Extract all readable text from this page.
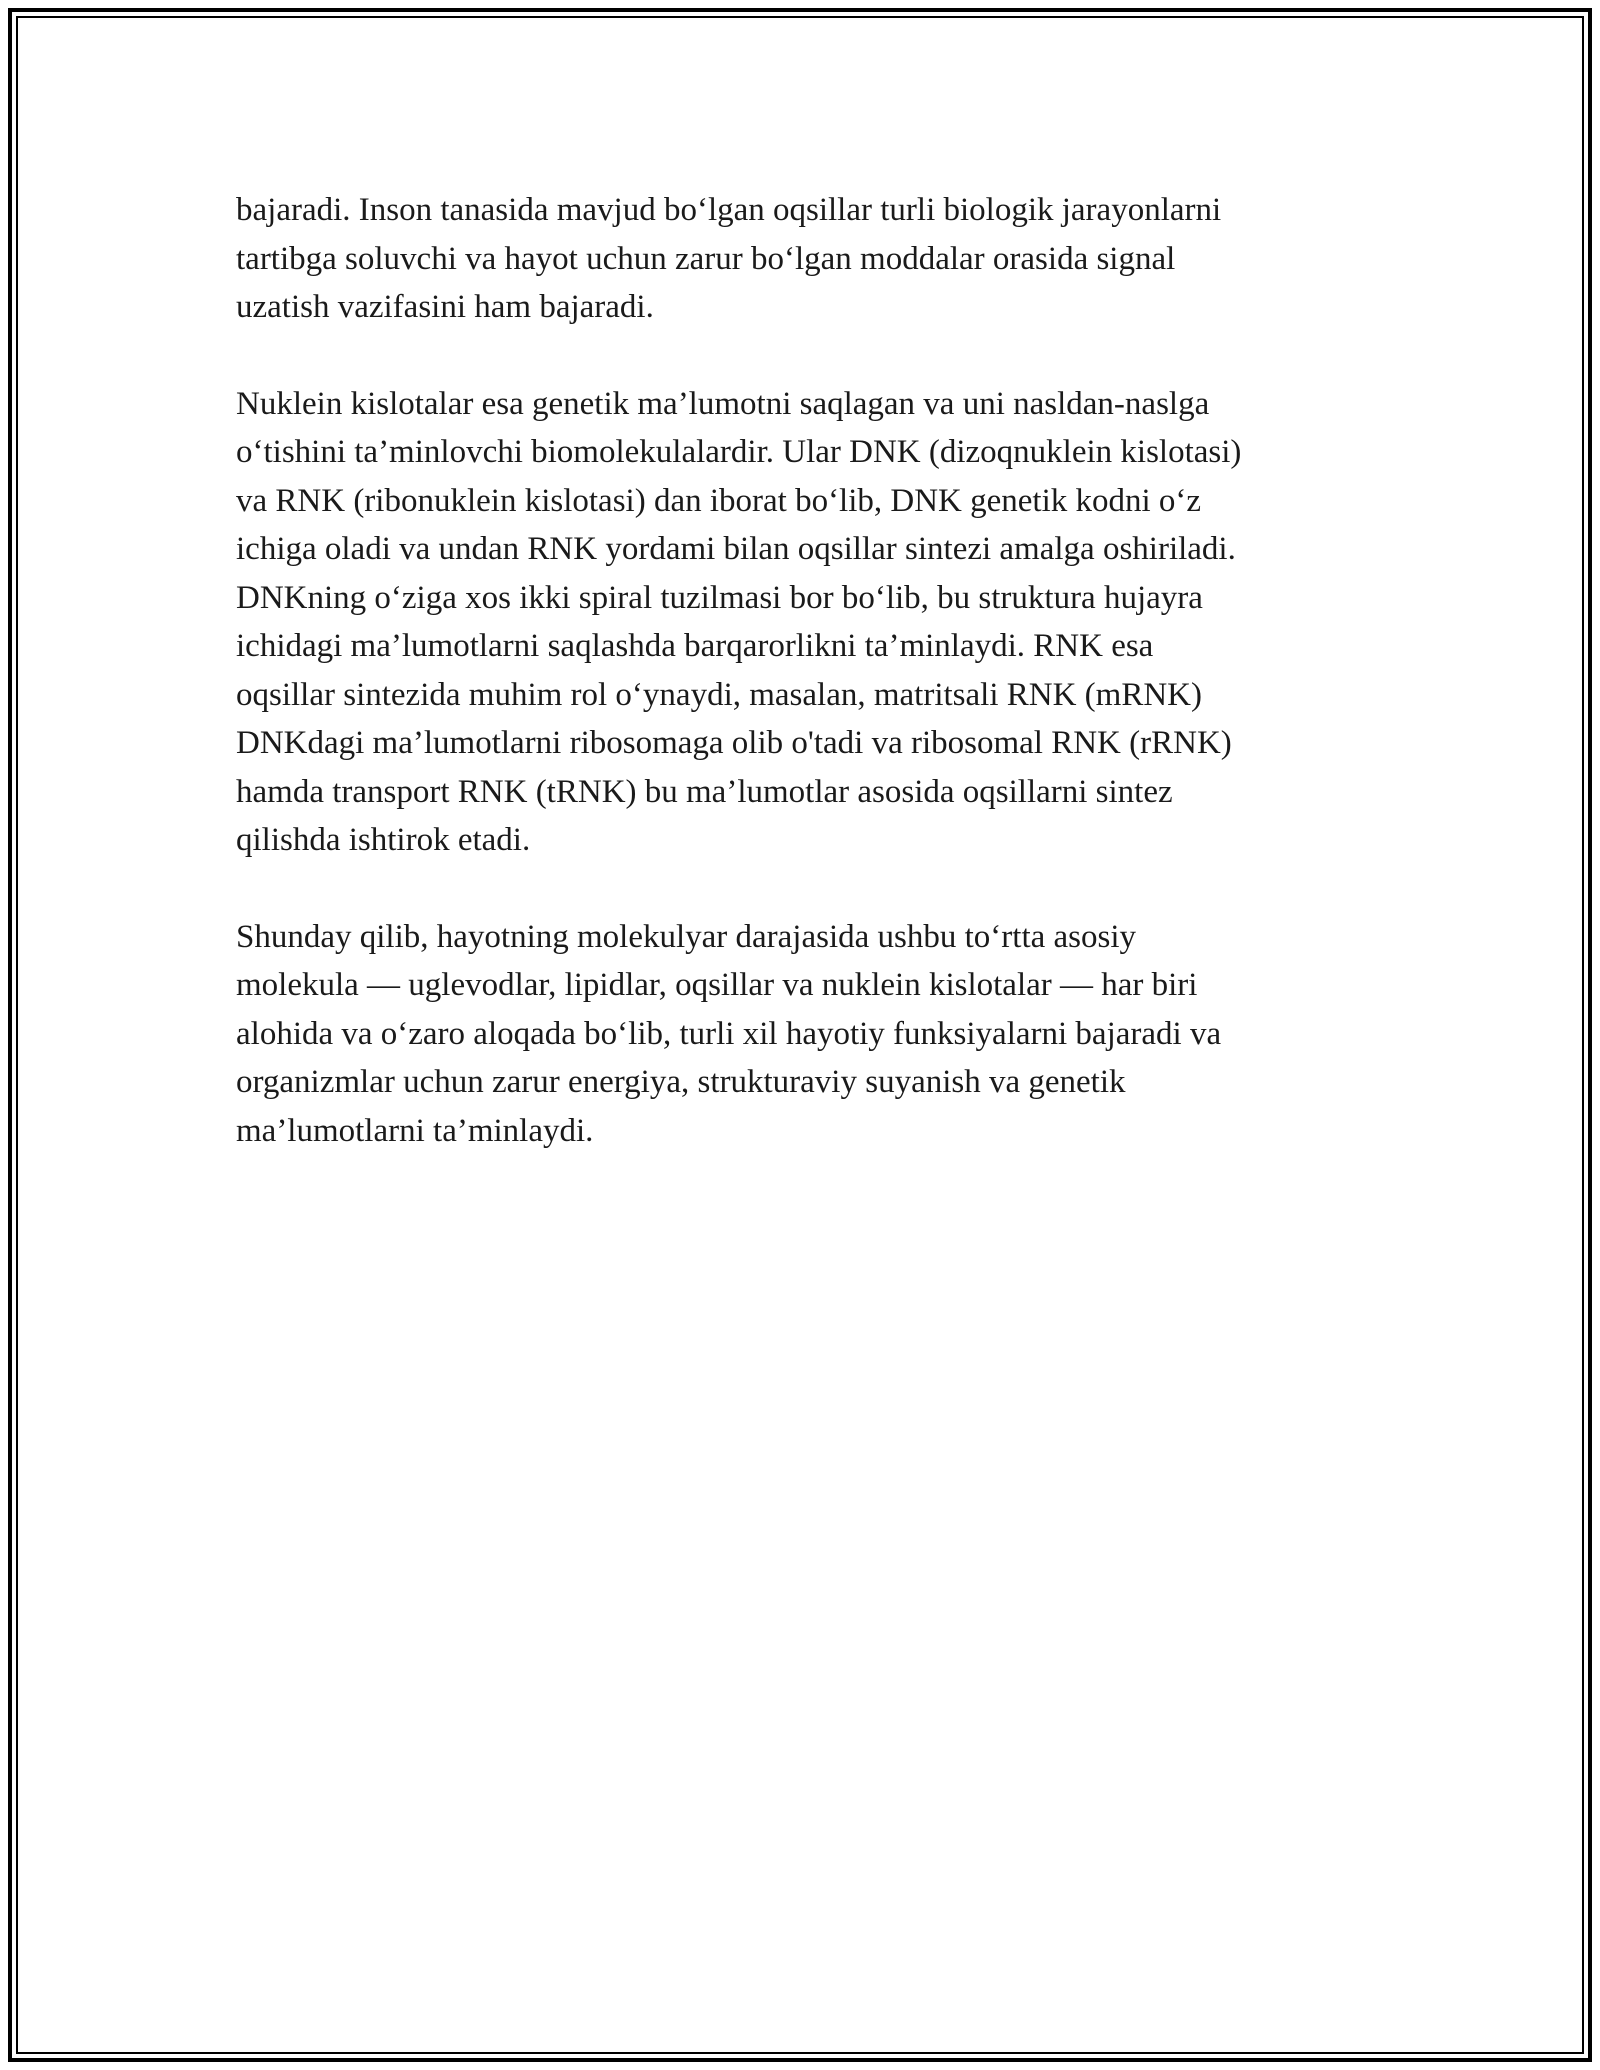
bajaradi. Inson tanasida mavjud bo‘lgan oqsillar turli biologik jarayonlarni
tartibga soluvchi va hayot uchun zarur bo‘lgan moddalar orasida signal
uzatish vazifasini ham bajaradi.

Nuklein kislotalar esa genetik ma’lumotni saqlagan va uni nasldan-naslga
o‘tishini ta’minlovchi biomolekulalardir. Ular DNK (dizoqnuklein kislotasi)
va RNK (ribonuklein kislotasi) dan iborat bo‘lib, DNK genetik kodni o‘z
ichiga oladi va undan RNK yordami bilan oqsillar sintezi amalga oshiriladi.
DNKning o‘ziga xos ikki spiral tuzilmasi bor bo‘lib, bu struktura hujayra
ichidagi ma’lumotlarni saqlashda barqarorlikni ta’minlaydi. RNK esa
oqsillar sintezida muhim rol o‘ynaydi, masalan, matritsali RNK (mRNK)
DNKdagi ma’lumotlarni ribosomaga olib o'tadi va ribosomal RNK (rRNK)
hamda transport RNK (tRNK) bu ma’lumotlar asosida oqsillarni sintez
qilishda ishtirok etadi.

Shunday qilib, hayotning molekulyar darajasida ushbu to‘rtta asosiy
molekula — uglevodlar, lipidlar, oqsillar va nuklein kislotalar — har biri
alohida va o‘zaro aloqada bo‘lib, turli xil hayotiy funksiyalarni bajaradi va
organizmlar uchun zarur energiya, strukturaviy suyanish va genetik
ma’lumotlarni ta’minlaydi.
